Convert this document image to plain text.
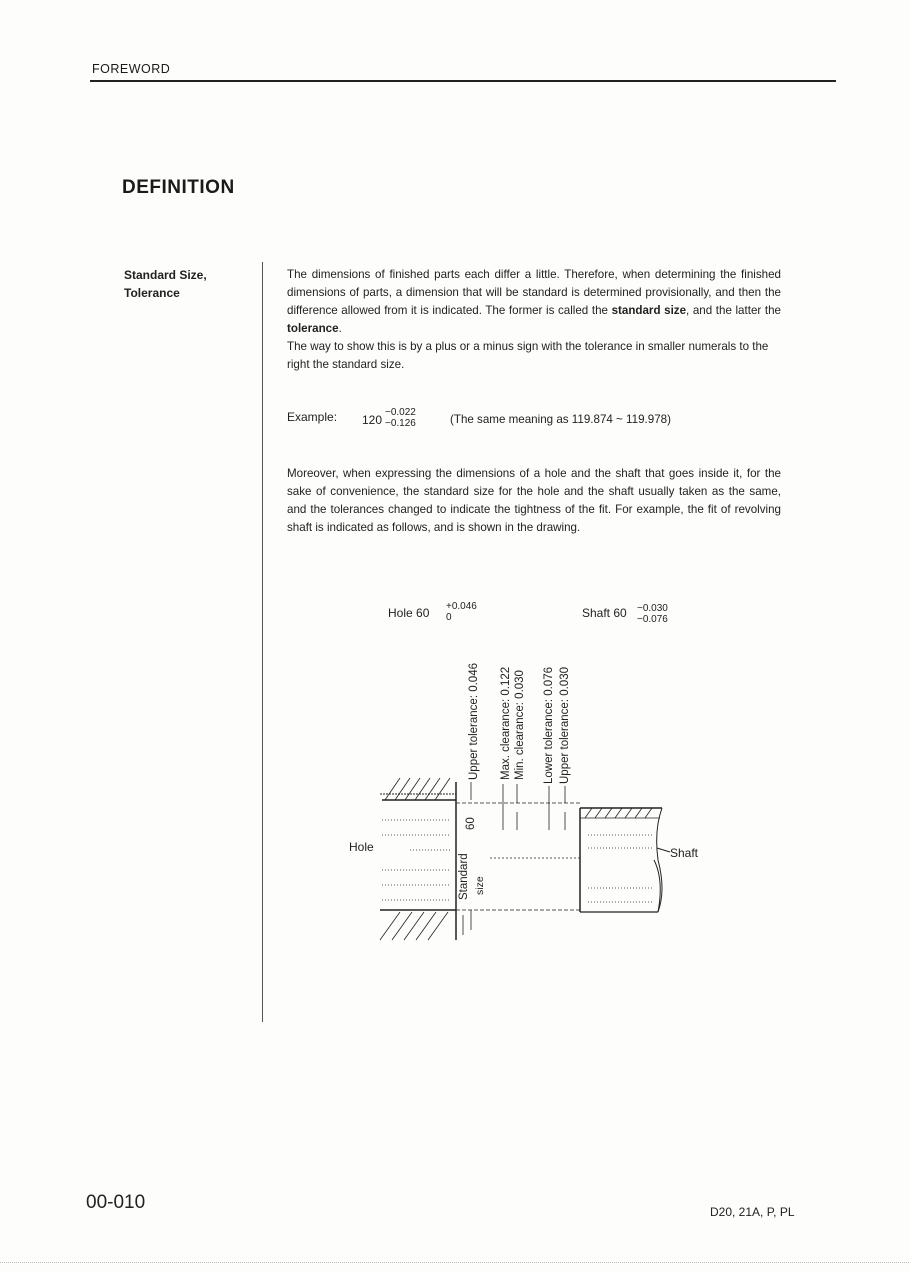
FOREWORD
DEFINITION
Standard Size,
Tolerance
The dimensions of finished parts each differ a little. Therefore, when determining the finished dimensions of parts, a dimension that will be standard is determined provisionally, and then the difference allowed from it is indicated. The former is called the standard size, and the latter the tolerance.
The way to show this is by a plus or a minus sign with the tolerance in smaller numerals to the right the standard size.
Example: 120
−0.022
−0.126	(The same meaning as 119.874 ~ 119.978)
Moreover, when expressing the dimensions of a hole and the shaft that goes inside it, for the sake of convenience, the standard size for the hole and the shaft usually taken as the same, and the tolerances changed to indicate the tightness of the fit. For example, the fit of revolving shaft is indicated as follows, and is shown in the drawing.
Hole 60 +0.046
0	Shaft 60 −0.030
−0.076
Upper tolerance: 0.046 Max. clearance: 0.122 Min. clearance: 0.030 Lower tolerance: 0.076 Upper tolerance: 0.030
60
Standard size
Hole	Shaft
00-010	D20, 21A, P, PL
